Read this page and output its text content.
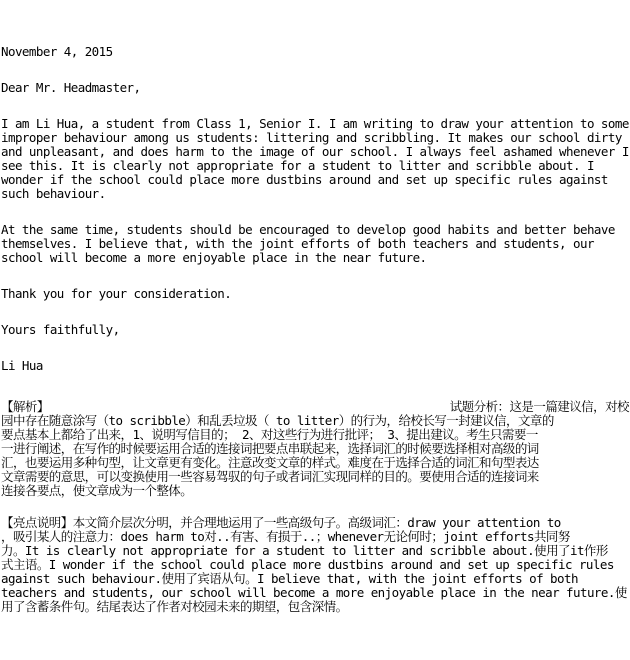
November 4, 2015
Dear Mr. Headmaster,
I am Li Hua, a student from Class 1, Senior I. I am writing to draw your attention to some
improper behaviour among us students: littering and scribbling. It makes our school dirty
and unpleasant, and does harm to the image of our school. I always feel ashamed whenever I
see this. It is clearly not appropriate for a student to litter and scribble about. I
wonder if the school could place more dustbins around and set up specific rules against
such behaviour.
At the same time, students should be encouraged to develop good habits and better behave
themselves. I believe that, with the joint efforts of both teachers and students, our
school will become a more enjoyable place in the near future.
Thank you for your consideration.
Yours faithfully,
Li Hua
【解析】	试题分析：这是一篇建议信，对校
园中存在随意涂写（to scribble）和乱丢垃圾（ to litter）的行为，给校长写一封建议信，文章的
要点基本上都给了出来，1、说明写信目的； 2、对这些行为进行批评； 3、提出建议。考生只需要一
一进行阐述，在写作的时候要运用合适的连接词把要点串联起来，选择词汇的时候要选择相对高级的词
汇，也要运用多种句型，让文章更有变化。注意改变文章的样式。难度在于选择合适的词汇和句型表达
文章需要的意思，可以变换使用一些容易驾驭的句子或者词汇实现同样的目的。要使用合适的连接词来
连接各要点，使文章成为一个整体。
【亮点说明】本文简介层次分明，并合理地运用了一些高级句子。高级词汇：draw your attention to
，吸引某人的注意力：does harm to对..有害、有损于..；whenever无论何时；joint efforts共同努
力。It is clearly not appropriate for a student to litter and scribble about.使用了it作形
式主语。I wonder if the school could place more dustbins around and set up specific rules
against such behaviour.使用了宾语从句。I believe that, with the joint efforts of both
teachers and students, our school will become a more enjoyable place in the near future.使
用了含蓄条件句。结尾表达了作者对校园未来的期望，包含深情。
